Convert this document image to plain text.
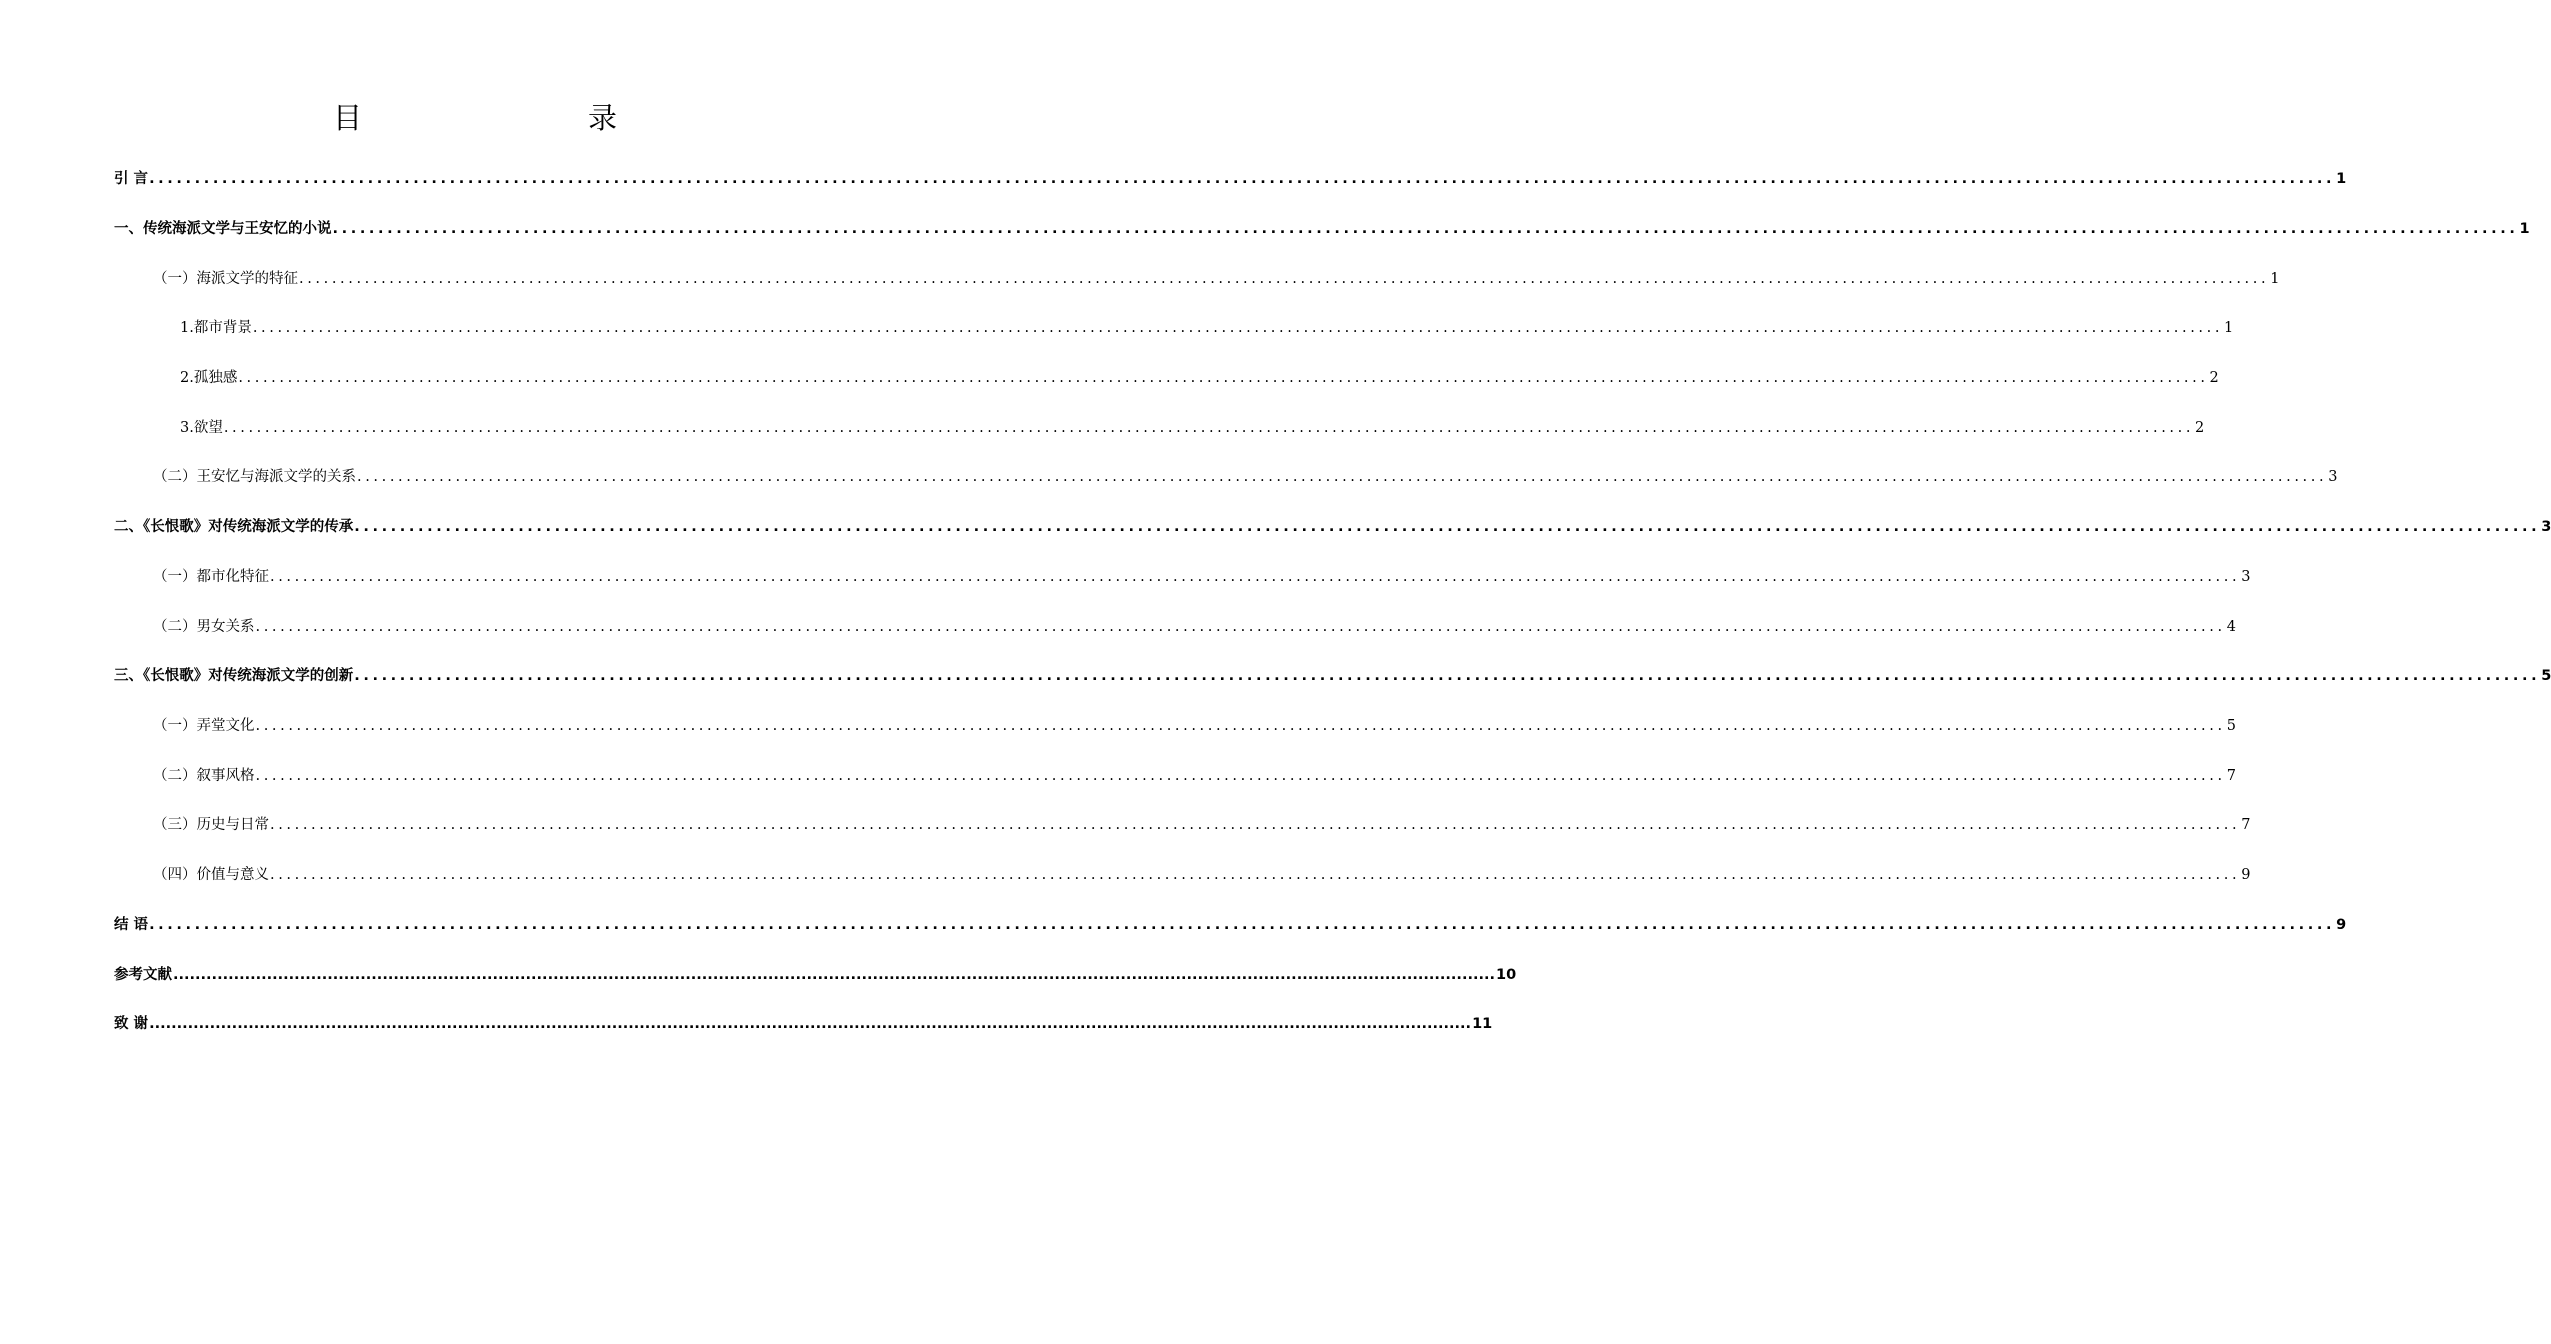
目　　录
引 言 ................................................................................................................................................................................................................................................ 1
一、传统海派文学与王安忆的小说 ................................................................................................................................................................................................................................................ 1
（一）海派文学的特征 ................................................................................................................................................................................................................................................ 1
1.都市背景 ................................................................................................................................................................................................................................................ 1
2.孤独感 ................................................................................................................................................................................................................................................ 2
3.欲望 ................................................................................................................................................................................................................................................ 2
（二）王安忆与海派文学的关系 ................................................................................................................................................................................................................................................ 3
二、《长恨歌》对传统海派文学的传承 ................................................................................................................................................................................................................................................ 3
（一）都市化特征 ................................................................................................................................................................................................................................................ 3
（二）男女关系 ................................................................................................................................................................................................................................................ 4
三、《长恨歌》对传统海派文学的创新 ................................................................................................................................................................................................................................................ 5
（一）弄堂文化 ................................................................................................................................................................................................................................................ 5
（二）叙事风格 ................................................................................................................................................................................................................................................ 7
（三）历史与日常 ................................................................................................................................................................................................................................................ 7
（四）价值与意义 ................................................................................................................................................................................................................................................ 9
结 语 ................................................................................................................................................................................................................................................ 9
参考文献 ................................................................................................................................................................................................................................................ 10
致 谢 ................................................................................................................................................................................................................................................ 11
